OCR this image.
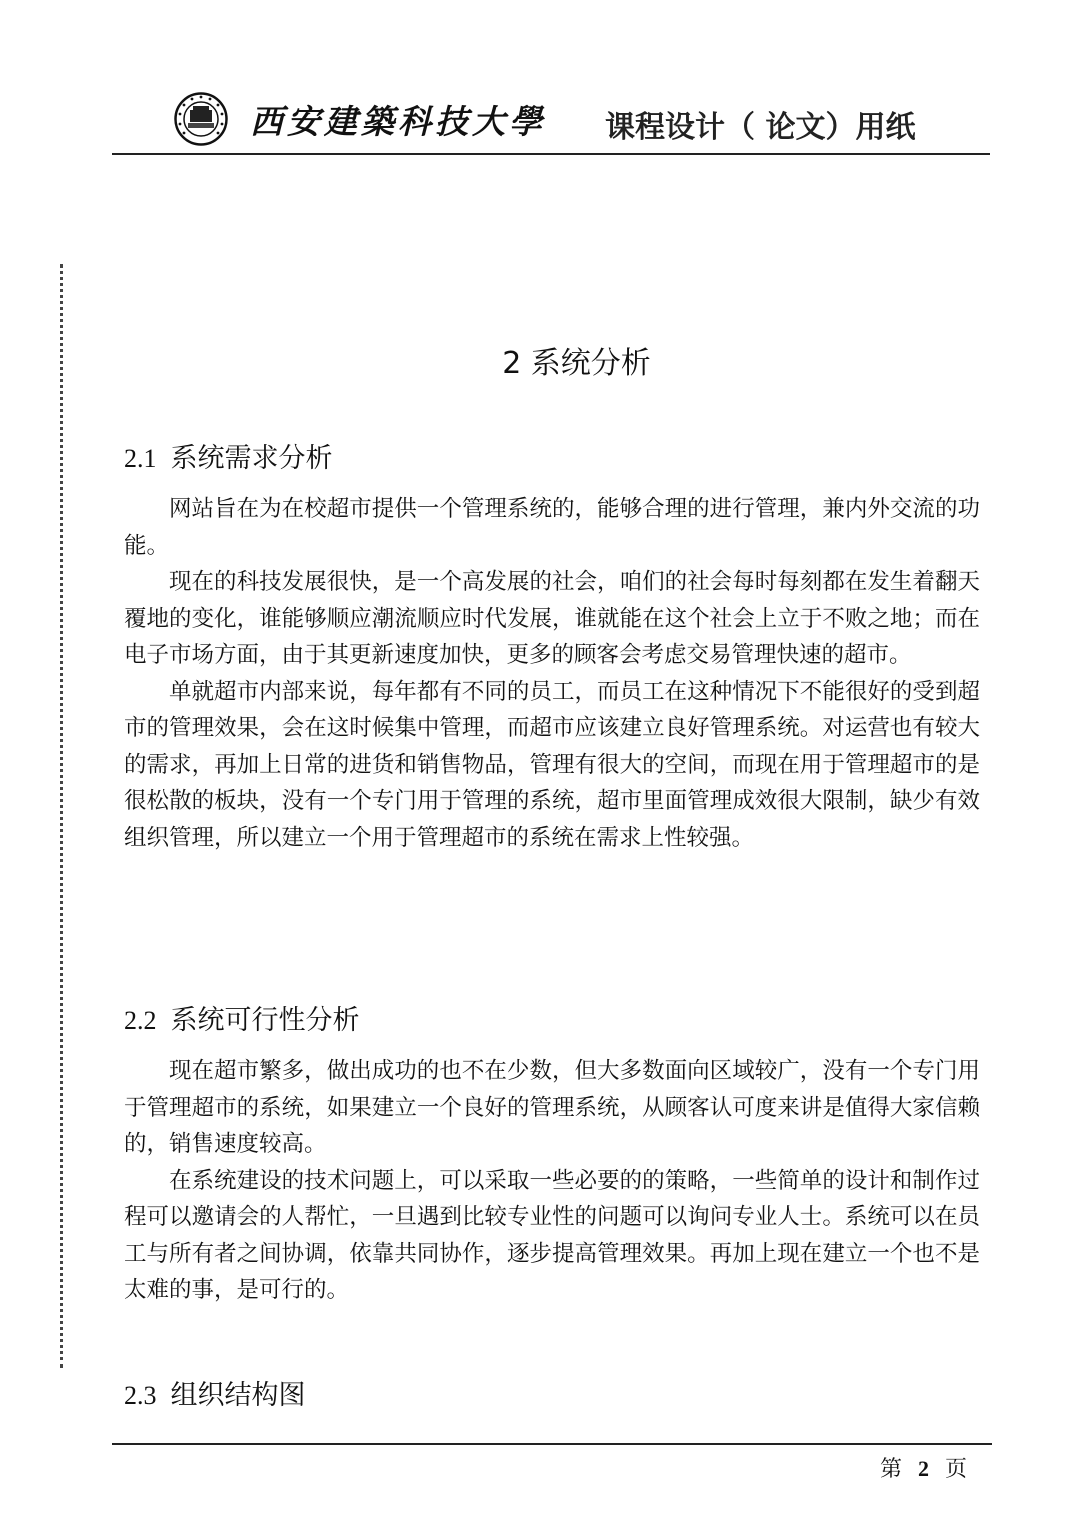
西安建築科技大學 课程设计（ 论文）用纸
2 系统分析
2.1 系统需求分析

网站旨在为在校超市提供一个管理系统的，能够合理的进行管理，兼内外交流的功能。

现在的科技发展很快，是一个高发展的社会，咱们的社会每时每刻都在发生着翻天覆地的变化，谁能够顺应潮流顺应时代发展，谁就能在这个社会上立于不败之地；而在电子市场方面，由于其更新速度加快，更多的顾客会考虑交易管理快速的超市。

单就超市内部来说，每年都有不同的员工，而员工在这种情况下不能很好的受到超市的管理效果，会在这时候集中管理，而超市应该建立良好管理系统。对运营也有较大的需求，再加上日常的进货和销售物品，管理有很大的空间，而现在用于管理超市的是很松散的板块，没有一个专门用于管理的系统，超市里面管理成效很大限制，缺少有效组织管理，所以建立一个用于管理超市的系统在需求上性较强。

2.2 系统可行性分析

现在超市繁多，做出成功的也不在少数，但大多数面向区域较广，没有一个专门用于管理超市的系统，如果建立一个良好的管理系统，从顾客认可度来讲是值得大家信赖的，销售速度较高。

在系统建设的技术问题上，可以采取一些必要的的策略，一些简单的设计和制作过程可以邀请会的人帮忙，一旦遇到比较专业性的问题可以询问专业人士。系统可以在员工与所有者之间协调，依靠共同协作，逐步提高管理效果。再加上现在建立一个也不是太难的事，是可行的。

2.3 组织结构图
第 2 页
